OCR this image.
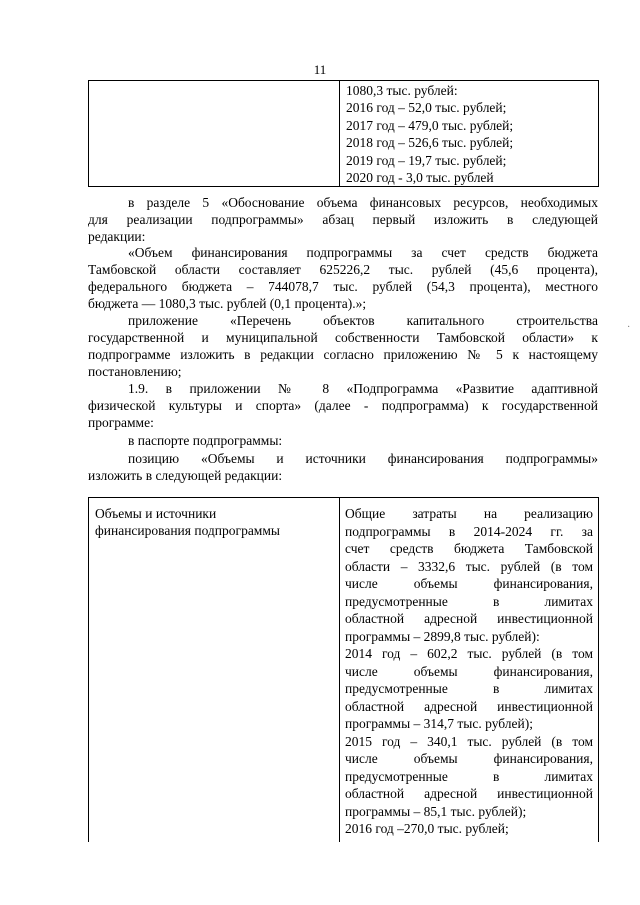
11
1080,3 тыс. рублей:
2016 год – 52,0 тыс. рублей;
2017 год – 479,0 тыс. рублей;
2018 год – 526,6 тыс. рублей;
2019 год – 19,7 тыс. рублей;
2020 год - 3,0 тыс. рублей
в разделе 5 «Обоснование объема финансовых ресурсов, необходимых
для реализации подпрограммы» абзац первый изложить в следующей
редакции:
«Объем финансирования подпрограммы за счет средств бюджета
Тамбовской области составляет 625226,2 тыс. рублей (45,6 процента),
федерального бюджета – 744078,7 тыс. рублей (54,3 процента), местного
бюджета — 1080,3 тыс. рублей (0,1 процента).»;
приложение «Перечень объектов капитального строительства
государственной и муниципальной собственности Тамбовской области» к
подпрограмме изложить в редакции согласно приложению № 5 к настоящему
постановлению;
1.9. в приложении № 8 «Подпрограмма «Развитие адаптивной
физической культуры и спорта» (далее - подпрограмма) к государственной
программе:
в паспорте подпрограммы:
позицию «Объемы и источники финансирования подпрограммы»
изложить в следующей редакции:
·
Объемы и источники
финансирования подпрограммы
Общие затраты на реализацию
подпрограммы в 2014-2024 гг. за
счет средств бюджета Тамбовской
области – 3332,6 тыс. рублей (в том
числе объемы финансирования,
предусмотренные в лимитах
областной адресной инвестиционной
программы – 2899,8 тыс. рублей):
2014 год – 602,2 тыс. рублей (в том
числе объемы финансирования,
предусмотренные в лимитах
областной адресной инвестиционной
программы – 314,7 тыс. рублей);
2015 год – 340,1 тыс. рублей (в том
числе объемы финансирования,
предусмотренные в лимитах
областной адресной инвестиционной
программы – 85,1 тыс. рублей);
2016 год –270,0 тыс. рублей;
